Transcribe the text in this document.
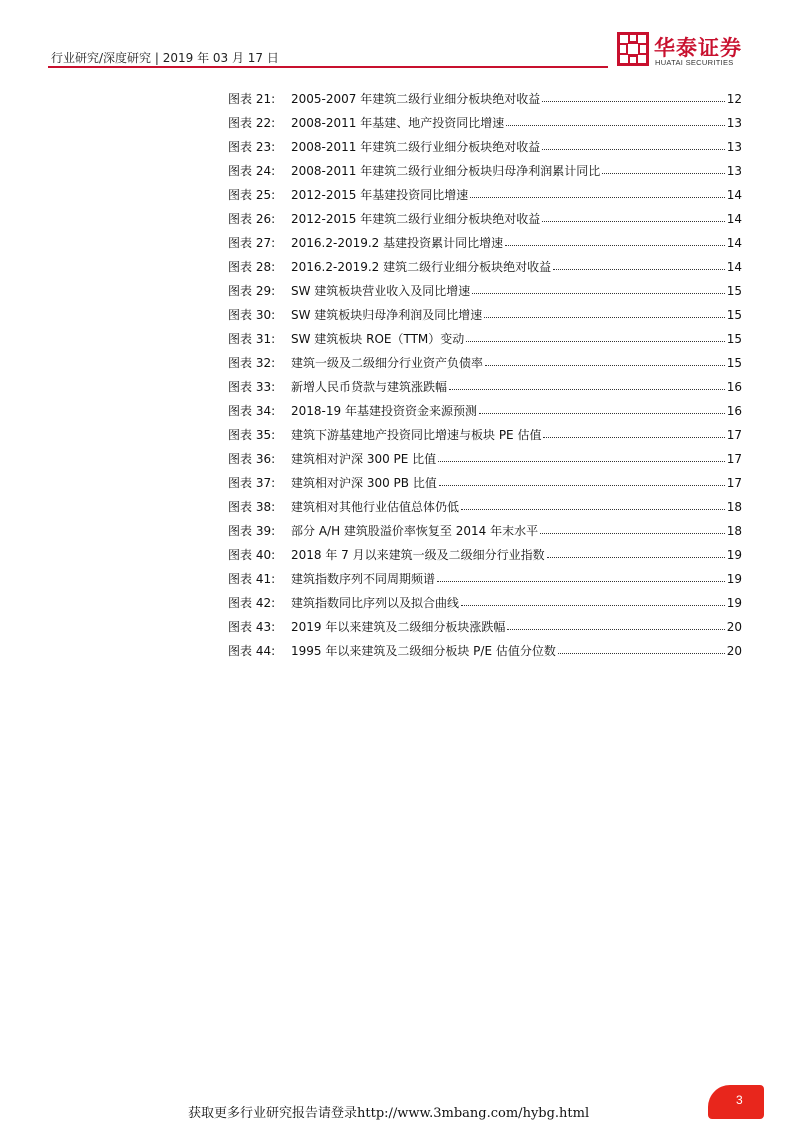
行业研究/深度研究 | 2019 年 03 月 17 日	华泰证券
HUATAI SECURITIES
图表 21:	2005-2007 年建筑二级行业细分板块绝对收益	12
图表 22:	2008-2011 年基建、地产投资同比增速	13
图表 23:	2008-2011 年建筑二级行业细分板块绝对收益	13
图表 24:	2008-2011 年建筑二级行业细分板块归母净利润累计同比	13
图表 25:	2012-2015 年基建投资同比增速	14
图表 26:	2012-2015 年建筑二级行业细分板块绝对收益	14
图表 27:	2016.2-2019.2 基建投资累计同比增速	14
图表 28:	2016.2-2019.2 建筑二级行业细分板块绝对收益	14
图表 29:	SW 建筑板块营业收入及同比增速	15
图表 30:	SW 建筑板块归母净利润及同比增速	15
图表 31:	SW 建筑板块 ROE（TTM）变动	15
图表 32:	建筑一级及二级细分行业资产负债率	15
图表 33:	新增人民币贷款与建筑涨跌幅	16
图表 34:	2018-19 年基建投资资金来源预测	16
图表 35:	建筑下游基建地产投资同比增速与板块 PE 估值	17
图表 36:	建筑相对沪深 300 PE 比值	17
图表 37:	建筑相对沪深 300 PB 比值	17
图表 38:	建筑相对其他行业估值总体仍低	18
图表 39:	部分 A/H 建筑股溢价率恢复至 2014 年末水平	18
图表 40:	2018 年 7 月以来建筑一级及二级细分行业指数	19
图表 41:	建筑指数序列不同周期频谱	19
图表 42:	建筑指数同比序列以及拟合曲线	19
图表 43:	2019 年以来建筑及二级细分板块涨跌幅	20
图表 44:	1995 年以来建筑及二级细分板块 P/E 估值分位数	20
获取更多行业研究报告请登录http://www.3mbang.com/hybg.html
3
